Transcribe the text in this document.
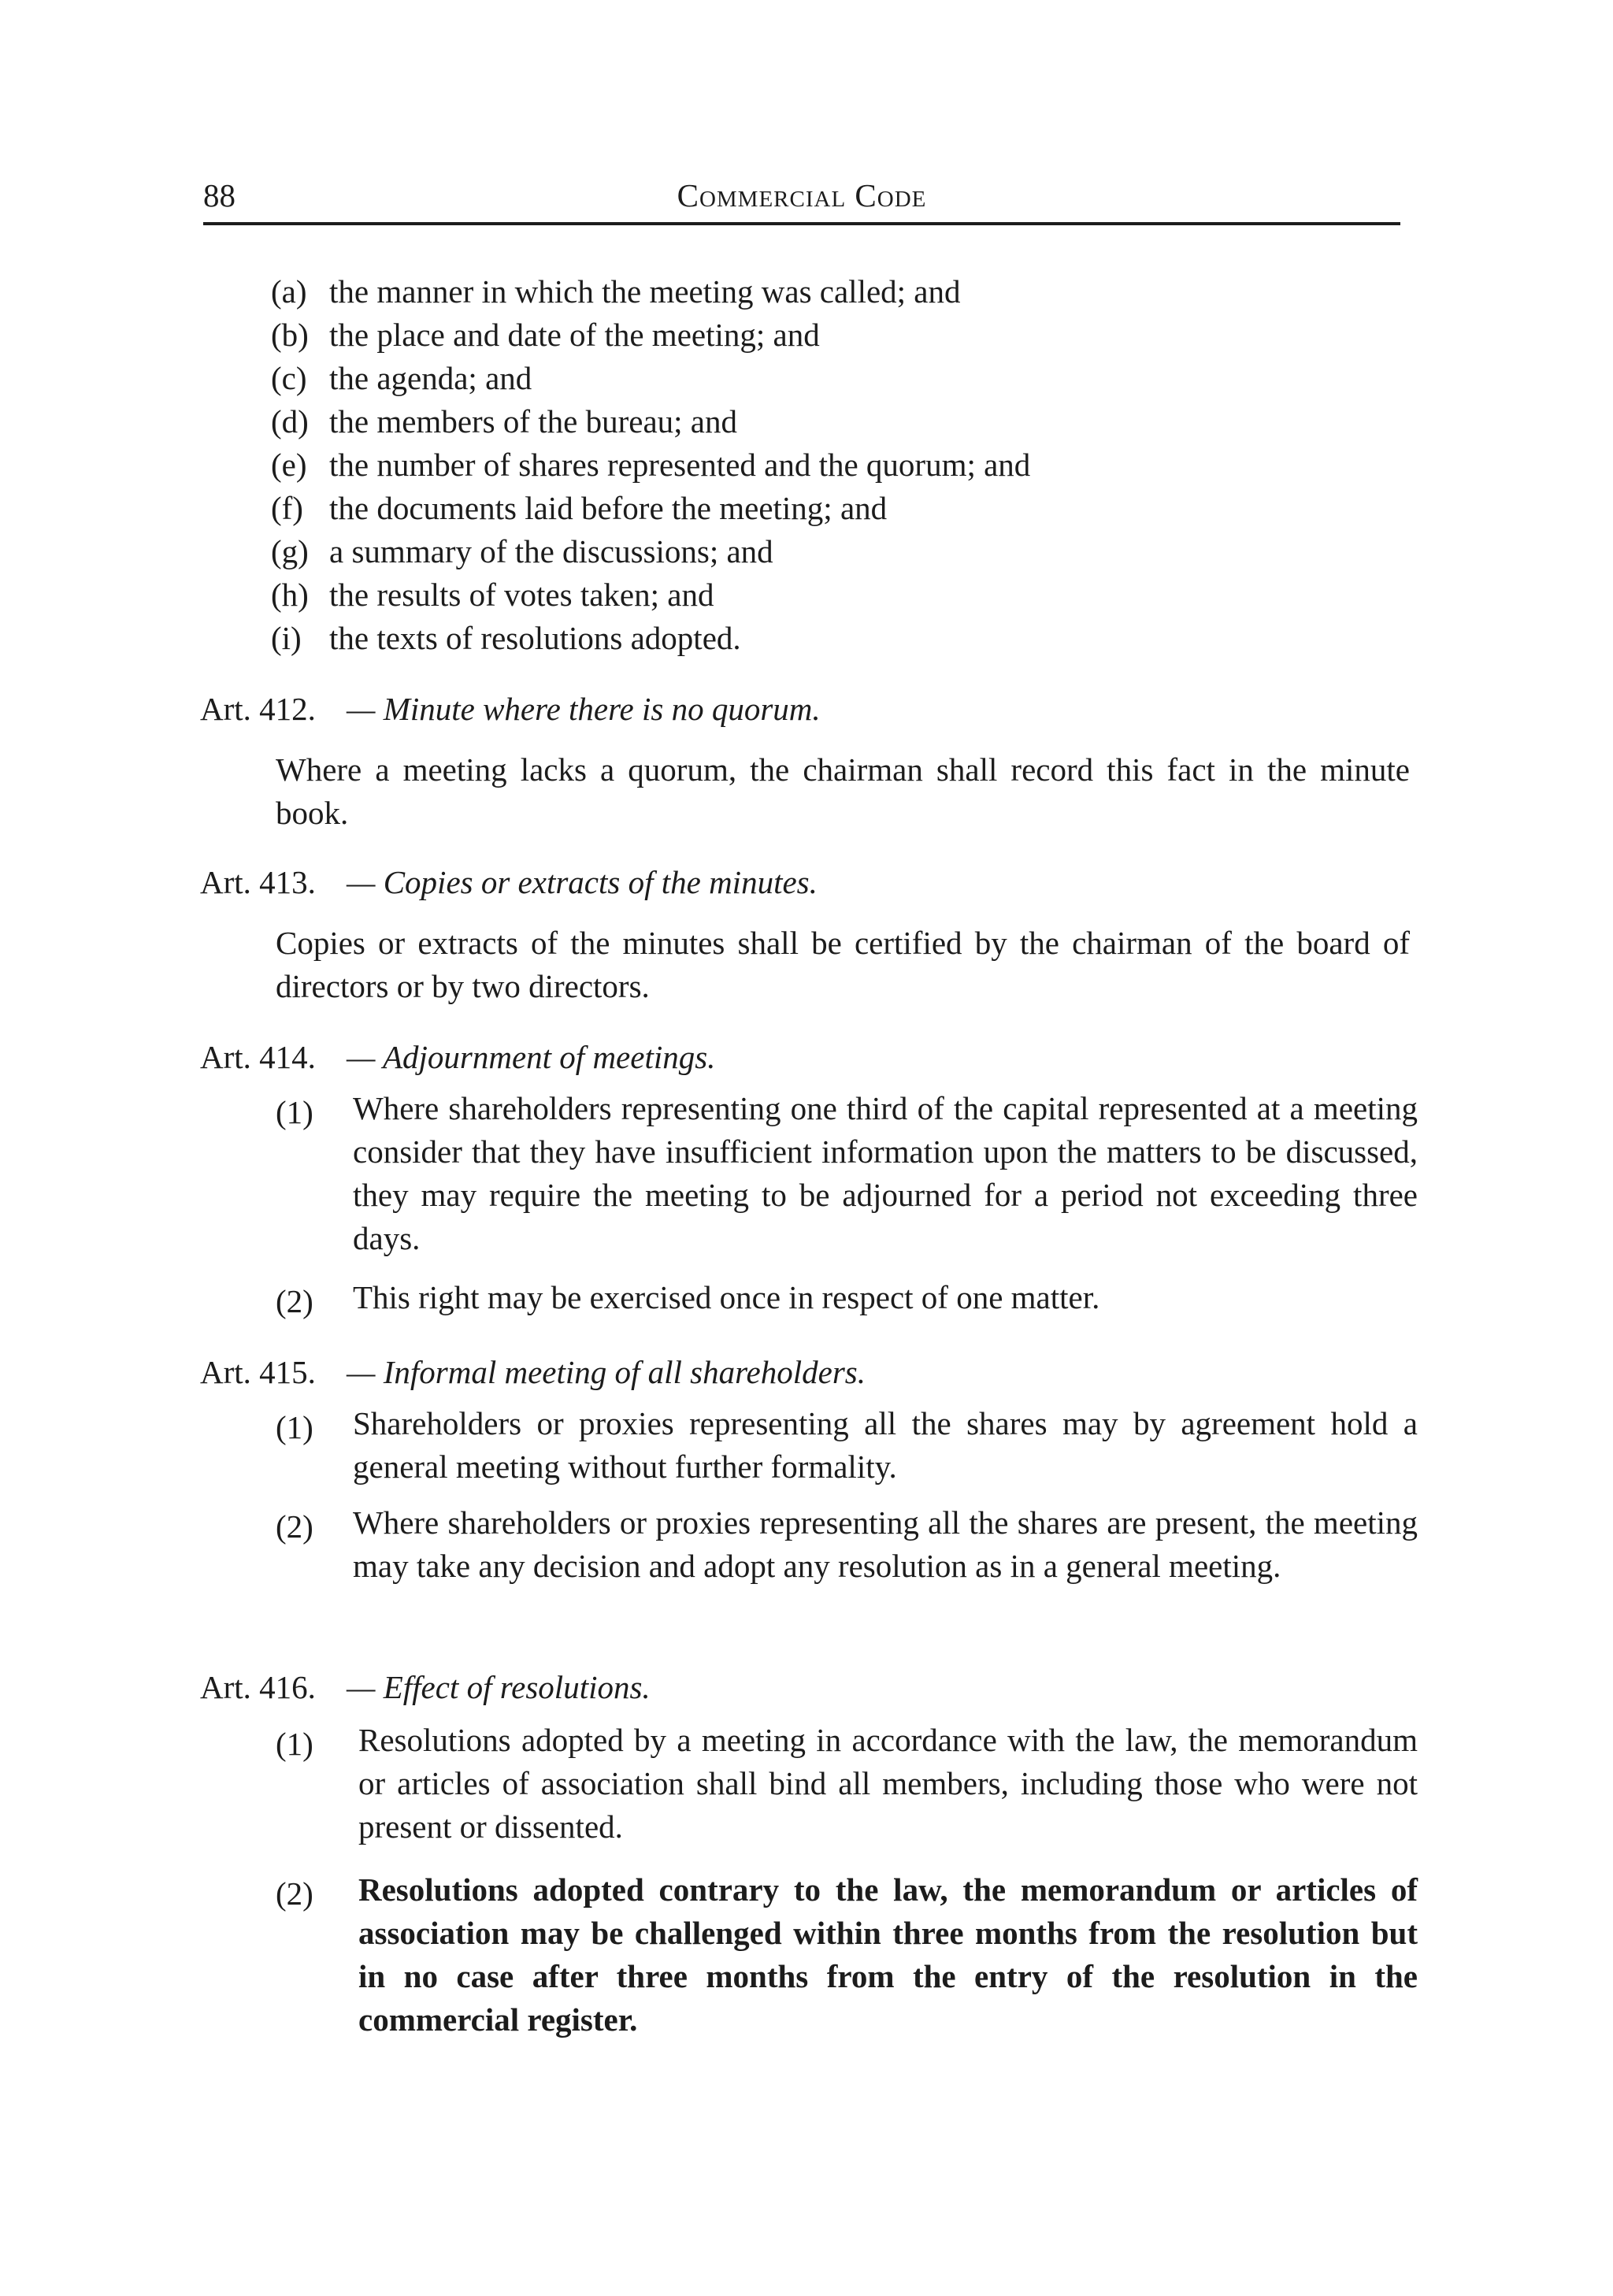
88	Commercial Code
(a) the manner in which the meeting was called; and
(b) the place and date of the meeting; and
(c) the agenda; and
(d) the members of the bureau; and
(e) the number of shares represented and the quorum; and
(f) the documents laid before the meeting; and
(g) a summary of the discussions; and
(h) the results of votes taken; and
(i) the texts of resolutions adopted.
Art. 412. — Minute where there is no quorum.
Where a meeting lacks a quorum, the chairman shall record this fact in the minute book.
Art. 413. — Copies or extracts of the minutes.
Copies or extracts of the minutes shall be certified by the chairman of the board of directors or by two directors.
Art. 414. — Adjournment of meetings.
(1) Where shareholders representing one third of the capital represented at a meeting consider that they have insufficient information upon the matters to be discussed, they may require the meeting to be adjourned for a period not exceeding three days.
(2) This right may be exercised once in respect of one matter.
Art. 415. — Informal meeting of all shareholders.
(1) Shareholders or proxies representing all the shares may by agreement hold a general meeting without further formality.
(2) Where shareholders or proxies representing all the shares are present, the meeting may take any decision and adopt any resolution as in a general meeting.
Art. 416. — Effect of resolutions.
(1) Resolutions adopted by a meeting in accordance with the law, the memorandum or articles of association shall bind all members, including those who were not present or dissented.
(2) Resolutions adopted contrary to the law, the memorandum or articles of association may be challenged within three months from the resolution but in no case after three months from the entry of the resolution in the commercial register.
